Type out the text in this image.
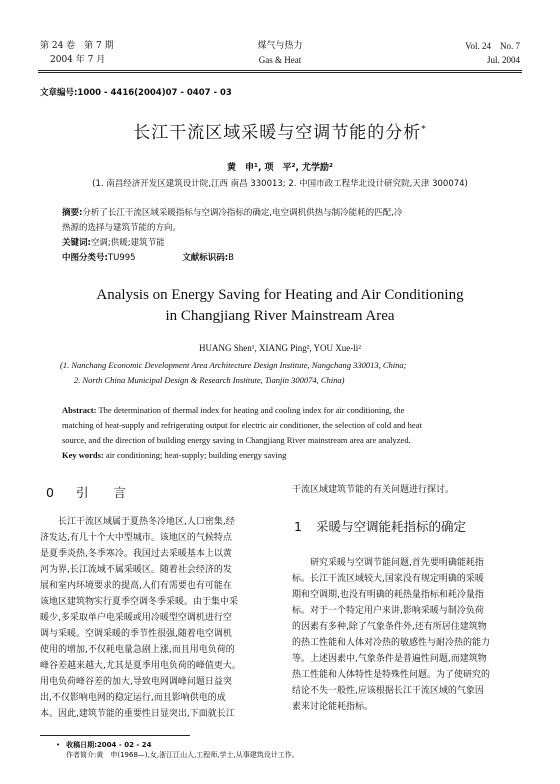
第 24 卷　第 7 期
2004 年 7 月
煤气与热力
Gas & Heat
Vol. 24　No. 7
Jul. 2004
文章编号:1000 - 4416(2004)07 - 0407 - 03
长江干流区域采暖与空调节能的分析*
黄　申¹, 项　平², 尤学励²
(1. 南昌经济开发区建筑设计院,江西 南昌 330013; 2. 中国市政工程华北设计研究院,天津 300074)
摘要:分析了长江干流区域采暖指标与空调冷指标的确定,电空调机供热与制冷能耗的匹配,冷
热源的选择与建筑节能的方向。
关键词:空调;供暖;建筑节能
中图分类号:TU995	文献标识码:B
Analysis on Energy Saving for Heating and Air Conditioning
in Changjiang River Mainstream Area
HUANG Shen¹, XIANG Ping², YOU Xue-li²
(1. Nanchang Economic Development Area Architecture Design Institute, Nangchang 330013, China;
2. North China Municipal Design & Research Institute, Tianjin 300074, China)
Abstract: The determination of thermal index for heating and cooling index for air conditioning, the
matching of heat-supply and refrigerating output for electric air conditioner, the selection of cold and heat
source, and the direction of building energy saving in Changjiang River mainstream area are analyzed.
Key words: air conditioning; heat-supply; building energy saving
0 引　　言
　　长江干流区域属于夏热冬冷地区,人口密集,经
济发达,有几十个大中型城市。该地区的气候特点
是夏季炎热,冬季寒冷。我国过去采暖基本上以黄
河为界,长江流域不属采暖区。随着社会经济的发
展和室内环境要求的提高,人们有需要也有可能在
该地区建筑物实行夏季空调冬季采暖。由于集中采
暖少,多采取单户电采暖或用冷暖型空调机进行空
调与采暖。空调采暖的季节性很强,随着电空调机
使用的增加,不仅耗电量急剧上涨,而且用电负荷的
峰谷差越来越大,尤其是夏季用电负荷的峰值更大。
用电负荷峰谷差的加大,导致电网调峰问题日益突
出,不仅影响电网的稳定运行,而且影响供电的成
本。因此,建筑节能的重要性日显突出,下面就长江
干流区域建筑节能的有关问题进行探讨。
1 采暖与空调能耗指标的确定
　　研究采暖与空调节能问题,首先要明确能耗指
标。长江干流区域较大,国家没有规定明确的采暖
期和空调期,也没有明确的耗热量指标和耗冷量指
标。对于一个特定用户来讲,影响采暖与制冷负荷
的因素有多种,除了气象条件外,还有所居住建筑物
的热工性能和人体对冷热的敏感性与耐冷热的能力
等。上述因素中,气象条件是普遍性问题,而建筑物
热工性能和人体特性是特殊性问题。为了使研究的
结论不失一般性,应该根据长江干流区域的气象因
素来讨论能耗指标。
• 收稿日期:2004 - 02 - 24
作者简介:黄　申(1968—),女,浙江江山人,工程师,学士,从事建筑设计工作。
